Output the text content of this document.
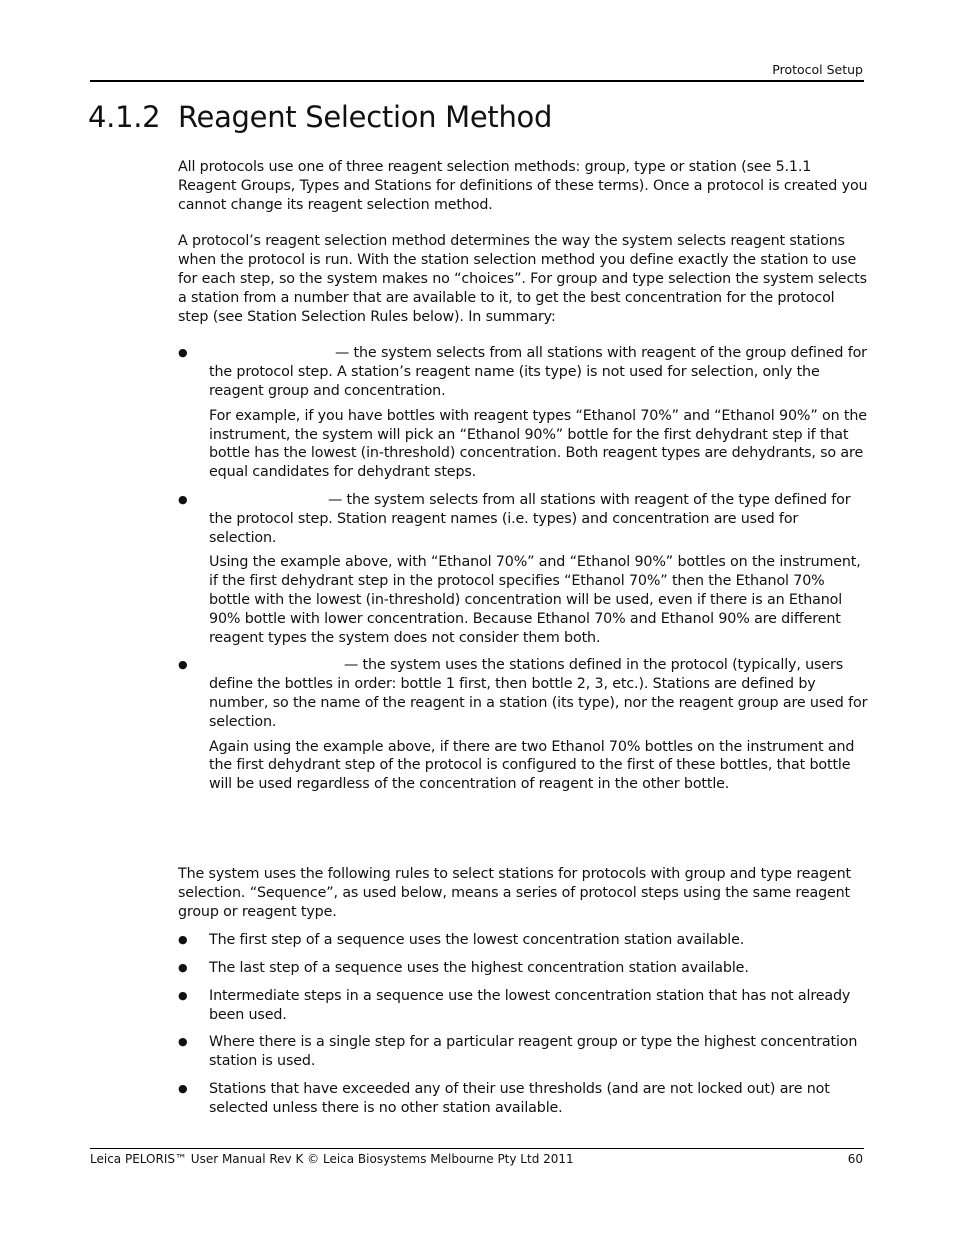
Protocol Setup
4.1.2 Reagent Selection Method

All protocols use one of three reagent selection methods: group, type or station (see 5.1.1 Reagent Groups, Types and Stations for definitions of these terms). Once a protocol is created you cannot change its reagent selection method.

A protocol’s reagent selection method determines the way the system selects reagent stations when the protocol is run. With the station selection method you define exactly the station to use for each step, so the system makes no “choices”. For group and type selection the system selects a station from a number that are available to it, to get the best concentration for the protocol step (see Station Selection Rules below). In summary:

●	— the system selects from all stations with reagent of the group defined for the protocol step. A station’s reagent name (its type) is not used for selection, only the reagent group and concentration.

For example, if you have bottles with reagent types “Ethanol 70%” and “Ethanol 90%” on the instrument, the system will pick an “Ethanol 90%” bottle for the first dehydrant step if that bottle has the lowest (in-threshold) concentration. Both reagent types are dehydrants, so are equal candidates for dehydrant steps.

●	— the system selects from all stations with reagent of the type defined for the protocol step. Station reagent names (i.e. types) and concentration are used for selection.

Using the example above, with “Ethanol 70%” and “Ethanol 90%” bottles on the instrument, if the first dehydrant step in the protocol specifies “Ethanol 70%” then the Ethanol 70% bottle with the lowest (in-threshold) concentration will be used, even if there is an Ethanol 90% bottle with lower concentration. Because Ethanol 70% and Ethanol 90% are different reagent types the system does not consider them both.

●	— the system uses the stations defined in the protocol (typically, users define the bottles in order: bottle 1 first, then bottle 2, 3, etc.). Stations are defined by number, so the name of the reagent in a station (its type), nor the reagent group are used for selection.

Again using the example above, if there are two Ethanol 70% bottles on the instrument and the first dehydrant step of the protocol is configured to the first of these bottles, that bottle will be used regardless of the concentration of reagent in the other bottle.

The system uses the following rules to select stations for protocols with group and type reagent selection. “Sequence”, as used below, means a series of protocol steps using the same reagent group or reagent type.

● The first step of a sequence uses the lowest concentration station available.
● The last step of a sequence uses the highest concentration station available.
● Intermediate steps in a sequence use the lowest concentration station that has not already been used.
● Where there is a single step for a particular reagent group or type the highest concentration station is used.
● Stations that have exceeded any of their use thresholds (and are not locked out) are not selected unless there is no other station available.
Leica PELORIS™ User Manual Rev K © Leica Biosystems Melbourne Pty Ltd 2011	60
